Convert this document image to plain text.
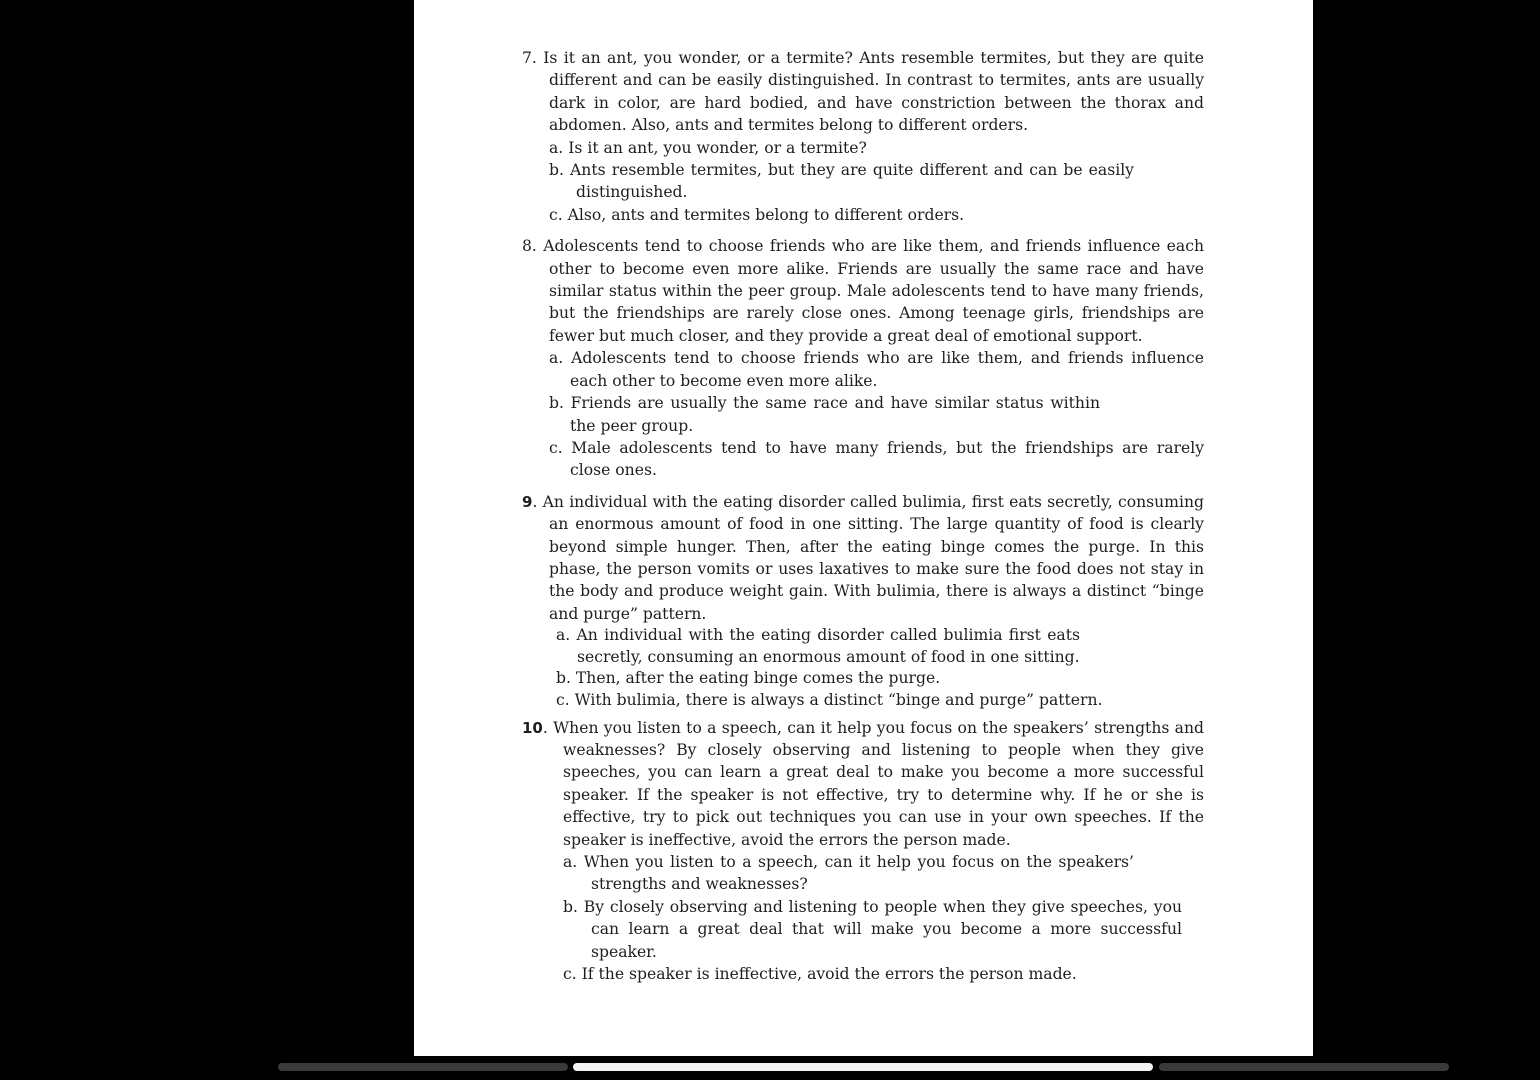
7. Is it an ant, you wonder, or a termite? Ants resemble termites, but they are quite different and can be easily distinguished. In contrast to termites, ants are usually dark in color, are hard bodied, and have constriction between the thorax and abdomen. Also, ants and termites belong to different orders.
a. Is it an ant, you wonder, or a termite?
b. Ants resemble termites, but they are quite different and can be easily distinguished.
c. Also, ants and termites belong to different orders.
8. Adolescents tend to choose friends who are like them, and friends influence each other to become even more alike. Friends are usually the same race and have similar status within the peer group. Male adolescents tend to have many friends, but the friendships are rarely close ones. Among teenage girls, friendships are fewer but much closer, and they provide a great deal of emotional support.
a. Adolescents tend to choose friends who are like them, and friends influence each other to become even more alike.
b. Friends are usually the same race and have similar status within the peer group.
c. Male adolescents tend to have many friends, but the friendships are rarely close ones.
9. An individual with the eating disorder called bulimia, first eats secretly, consuming an enormous amount of food in one sitting. The large quantity of food is clearly beyond simple hunger. Then, after the eating binge comes the purge. In this phase, the person vomits or uses laxatives to make sure the food does not stay in the body and produce weight gain. With bulimia, there is always a distinct “binge and purge” pattern.
a. An individual with the eating disorder called bulimia first eats secretly, consuming an enormous amount of food in one sitting.
b. Then, after the eating binge comes the purge.
c. With bulimia, there is always a distinct “binge and purge” pattern.
10. When you listen to a speech, can it help you focus on the speakers’ strengths and weaknesses? By closely observing and listening to people when they give speeches, you can learn a great deal to make you become a more successful speaker. If the speaker is not effective, try to determine why. If he or she is effective, try to pick out techniques you can use in your own speeches. If the speaker is ineffective, avoid the errors the person made.
a. When you listen to a speech, can it help you focus on the speakers’ strengths and weaknesses?
b. By closely observing and listening to people when they give speeches, you can learn a great deal that will make you become a more successful speaker.
c. If the speaker is ineffective, avoid the errors the person made.
